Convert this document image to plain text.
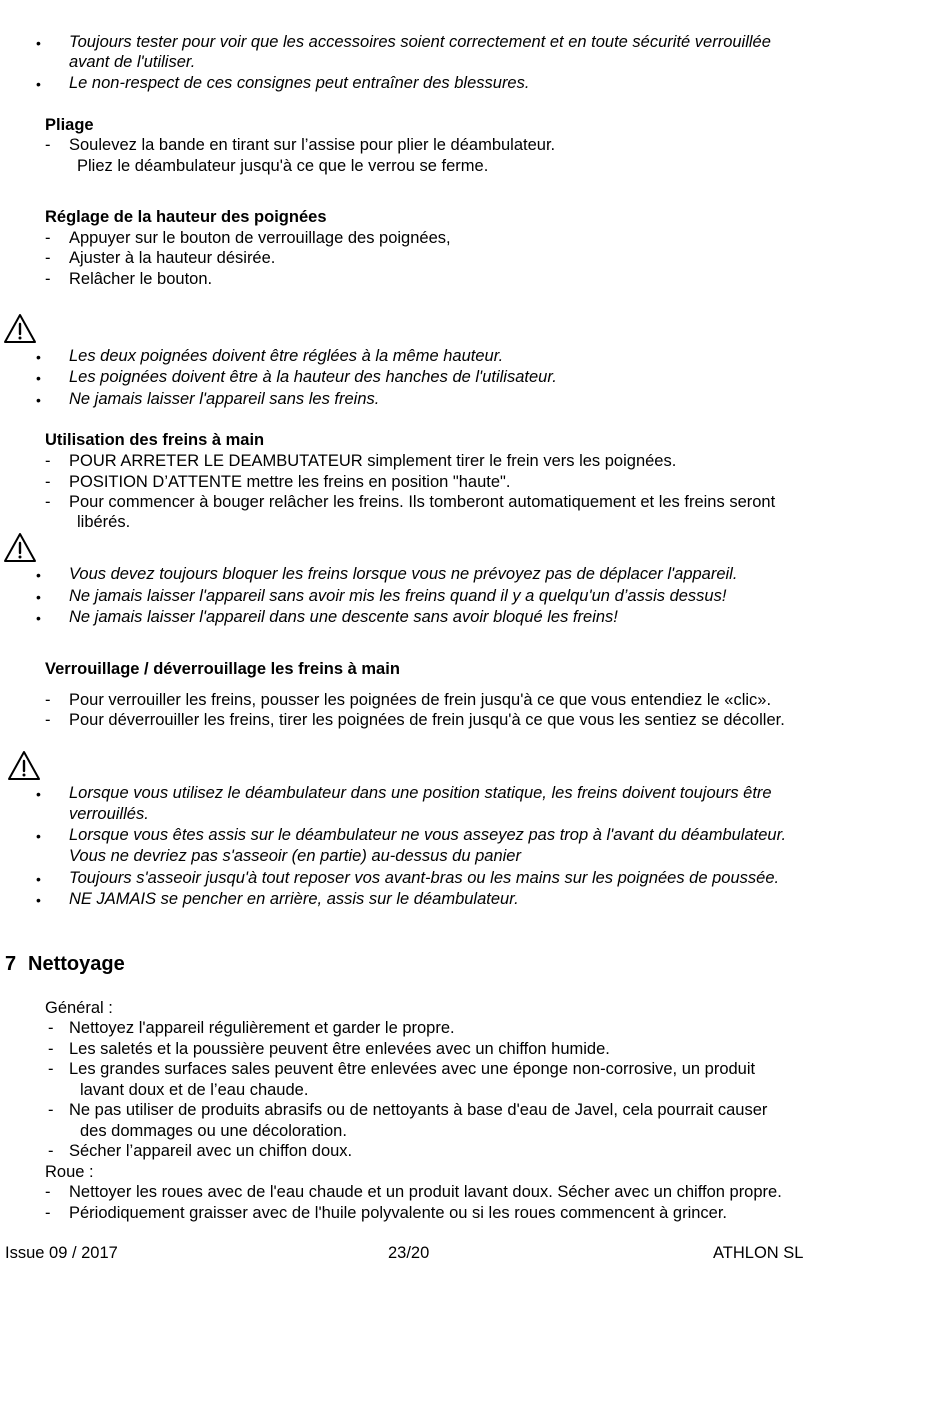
• Toujours tester pour voir que les accessoires soient correctement et en toute sécurité verrouillée
avant de l'utiliser.
• Le non-respect de ces consignes peut entraîner des blessures.
Pliage
- Soulevez la bande en tirant sur l’assise pour plier le déambulateur.
Pliez le déambulateur jusqu'à ce que le verrou se ferme.
Réglage de la hauteur des poignées
- Appuyer sur le bouton de verrouillage des poignées,
- Ajuster à la hauteur désirée.
- Relâcher le bouton.
• Les deux poignées doivent être réglées à la même hauteur.
• Les poignées doivent être à la hauteur des hanches de l'utilisateur.
• Ne jamais laisser l'appareil sans les freins.
Utilisation des freins à main
- POUR ARRETER LE DEAMBUTATEUR simplement tirer le frein vers les poignées.
- POSITION D’ATTENTE mettre les freins en position "haute".
- Pour commencer à bouger relâcher les freins. Ils tomberont automatiquement et les freins seront
libérés.
• Vous devez toujours bloquer les freins lorsque vous ne prévoyez pas de déplacer l'appareil.
• Ne jamais laisser l'appareil sans avoir mis les freins quand il y a quelqu'un d’assis dessus!
• Ne jamais laisser l'appareil dans une descente sans avoir bloqué les freins!
Verrouillage / déverrouillage les freins à main
- Pour verrouiller les freins, pousser les poignées de frein jusqu'à ce que vous entendiez le «clic».
- Pour déverrouiller les freins, tirer les poignées de frein jusqu'à ce que vous les sentiez se décoller.
• Lorsque vous utilisez le déambulateur dans une position statique, les freins doivent toujours être
verrouillés.
• Lorsque vous êtes assis sur le déambulateur ne vous asseyez pas trop à l'avant du déambulateur.
Vous ne devriez pas s'asseoir (en partie) au-dessus du panier
• Toujours s'asseoir jusqu'à tout reposer vos avant-bras ou les mains sur les poignées de poussée.
• NE JAMAIS se pencher en arrière, assis sur le déambulateur.
7 Nettoyage
Général :
- Nettoyez l'appareil régulièrement et garder le propre.
- Les saletés et la poussière peuvent être enlevées avec un chiffon humide.
- Les grandes surfaces sales peuvent être enlevées avec une éponge non-corrosive, un produit
lavant doux et de l’eau chaude.
- Ne pas utiliser de produits abrasifs ou de nettoyants à base d'eau de Javel, cela pourrait causer
des dommages ou une décoloration.
- Sécher l’appareil avec un chiffon doux.
Roue :
- Nettoyer les roues avec de l'eau chaude et un produit lavant doux. Sécher avec un chiffon propre.
- Périodiquement graisser avec de l'huile polyvalente ou si les roues commencent à grincer.
Issue 09 / 2017	23/20	ATHLON SL
